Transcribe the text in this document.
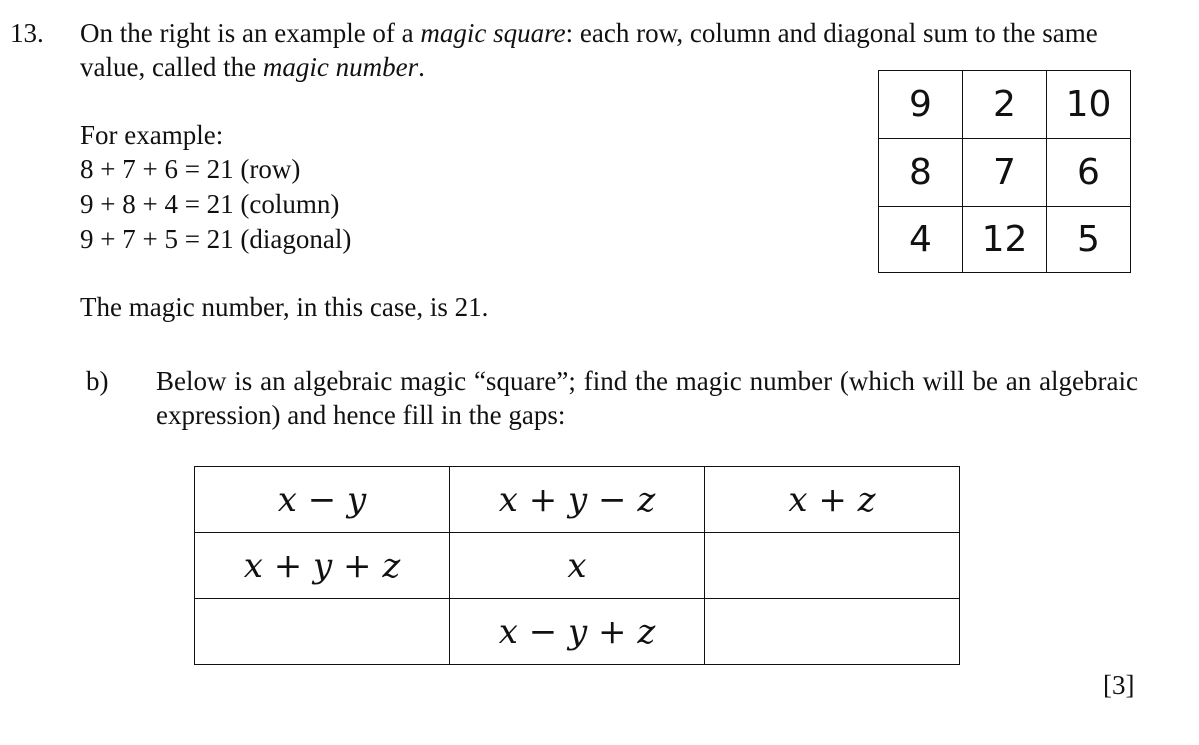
13. On the right is an example of a magic square: each row, column and diagonal sum to the same value, called the magic number.
For example:
8 + 7 + 6 = 21 (row)
9 + 8 + 4 = 21 (column)
9 + 7 + 5 = 21 (diagonal)
The magic number, in this case, is 21.
9	2	10
8	7	6
4	12	5
b) Below is an algebraic magic “square”; find the magic number (which will be an algebraic expression) and hence fill in the gaps:
x − y	x + y − z	x + z
x + y + z	x	
	x − y + z	
[3]
